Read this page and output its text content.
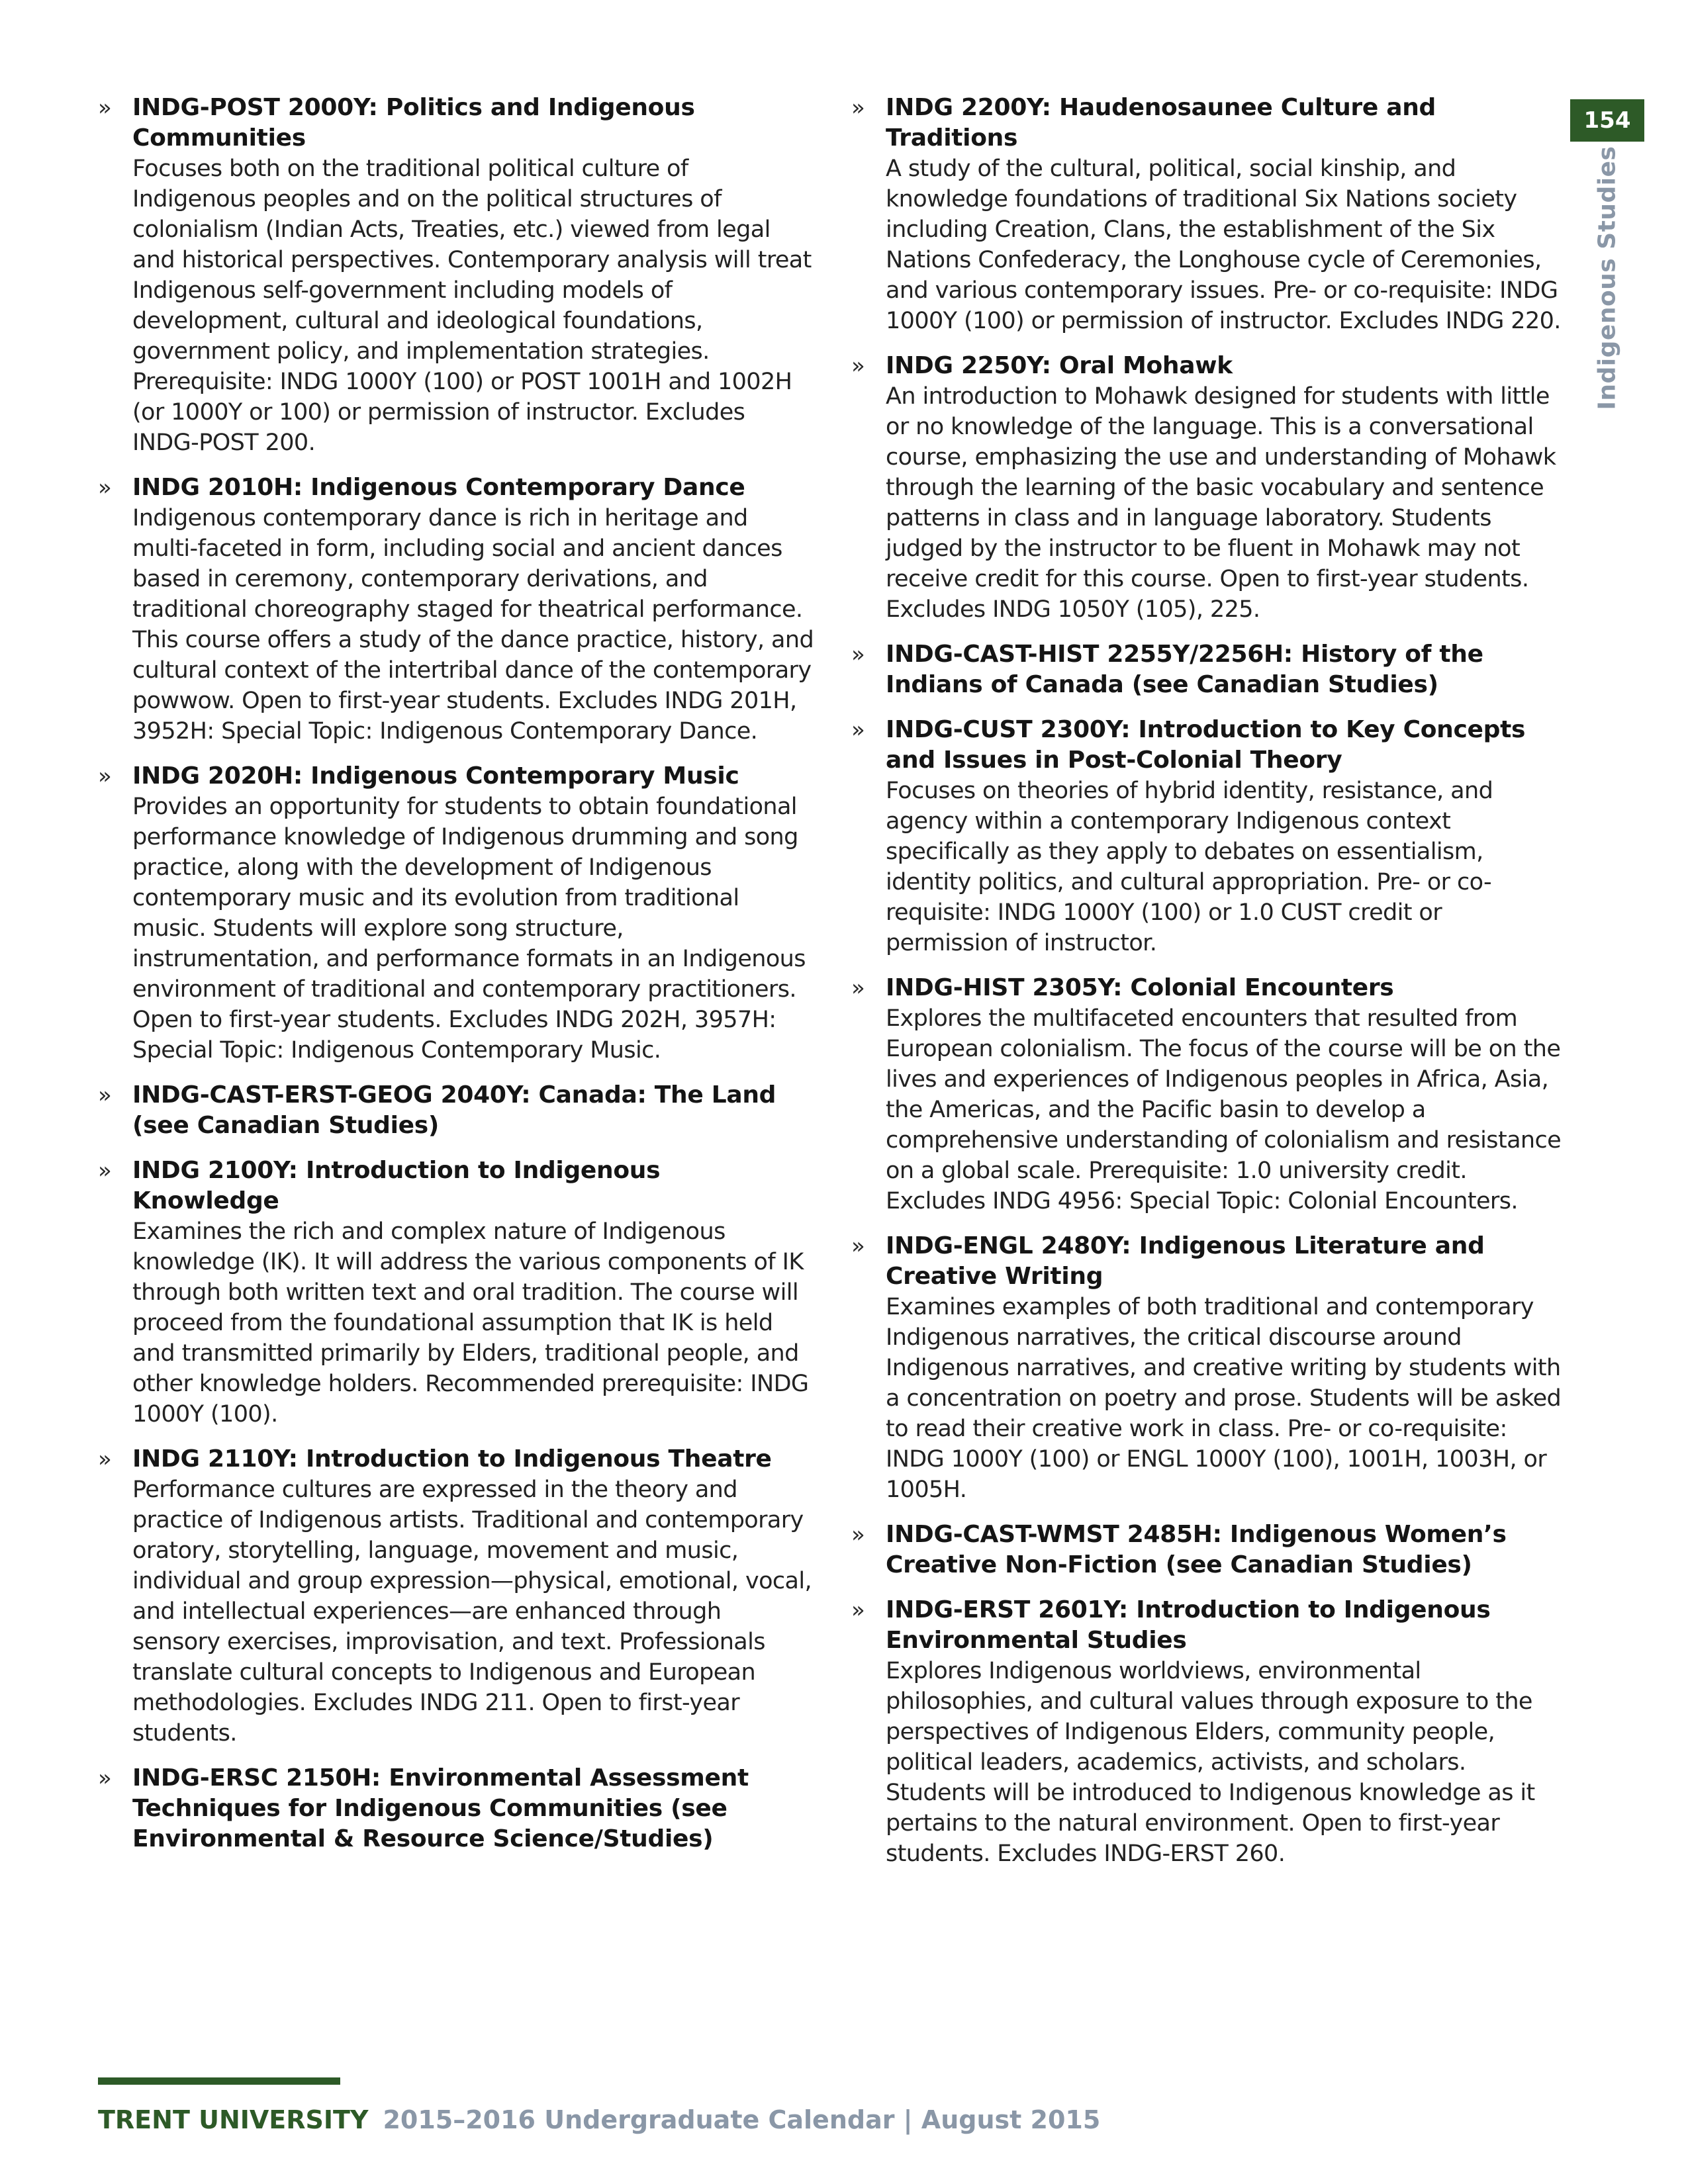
» INDG-POST 2000Y: Politics and Indigenous Communities

Focuses both on the traditional political culture of Indigenous peoples and on the political structures of colonialism (Indian Acts, Treaties, etc.) viewed from legal and historical perspectives. Contemporary analysis will treat Indigenous self-government including models of development, cultural and ideological foundations, government policy, and implementation strategies. Prerequisite: INDG 1000Y (100) or POST 1001H and 1002H (or 1000Y or 100) or permission of instructor. Excludes INDG-POST 200.

» INDG 2010H: Indigenous Contemporary Dance

Indigenous contemporary dance is rich in heritage and multi-faceted in form, including social and ancient dances based in ceremony, contemporary derivations, and traditional choreography staged for theatrical performance. This course offers a study of the dance practice, history, and cultural context of the intertribal dance of the contemporary powwow. Open to first-year students. Excludes INDG 201H, 3952H: Special Topic: Indigenous Contemporary Dance.

» INDG 2020H: Indigenous Contemporary Music

Provides an opportunity for students to obtain foundational performance knowledge of Indigenous drumming and song practice, along with the development of Indigenous contemporary music and its evolution from traditional music. Students will explore song structure, instrumentation, and performance formats in an Indigenous environment of traditional and contemporary practitioners. Open to first-year students. Excludes INDG 202H, 3957H: Special Topic: Indigenous Contemporary Music.

» INDG-CAST-ERST-GEOG 2040Y: Canada: The Land (see Canadian Studies)

» INDG 2100Y: Introduction to Indigenous Knowledge

Examines the rich and complex nature of Indigenous knowledge (IK). It will address the various components of IK through both written text and oral tradition. The course will proceed from the foundational assumption that IK is held and transmitted primarily by Elders, traditional people, and other knowledge holders. Recommended prerequisite: INDG 1000Y (100).

» INDG 2110Y: Introduction to Indigenous Theatre

Performance cultures are expressed in the theory and practice of Indigenous artists. Traditional and contemporary oratory, storytelling, language, movement and music, individual and group expression—physical, emotional, vocal, and intellectual experiences—are enhanced through sensory exercises, improvisation, and text. Professionals translate cultural concepts to Indigenous and European methodologies. Excludes INDG 211. Open to first-year students.

» INDG-ERSC 2150H: Environmental Assessment Techniques for Indigenous Communities (see Environmental & Resource Science/Studies)

» INDG 2200Y: Haudenosaunee Culture and Traditions

A study of the cultural, political, social kinship, and knowledge foundations of traditional Six Nations society including Creation, Clans, the establishment of the Six Nations Confederacy, the Longhouse cycle of Ceremonies, and various contemporary issues. Pre- or co-requisite: INDG 1000Y (100) or permission of instructor. Excludes INDG 220.

» INDG 2250Y: Oral Mohawk

An introduction to Mohawk designed for students with little or no knowledge of the language. This is a conversational course, emphasizing the use and understanding of Mohawk through the learning of the basic vocabulary and sentence patterns in class and in language laboratory. Students judged by the instructor to be fluent in Mohawk may not receive credit for this course. Open to first-year students. Excludes INDG 1050Y (105), 225.

» INDG-CAST-HIST 2255Y/2256H: History of the Indians of Canada (see Canadian Studies)

» INDG-CUST 2300Y: Introduction to Key Concepts and Issues in Post-Colonial Theory

Focuses on theories of hybrid identity, resistance, and agency within a contemporary Indigenous context specifically as they apply to debates on essentialism, identity politics, and cultural appropriation. Pre- or co-requisite: INDG 1000Y (100) or 1.0 CUST credit or permission of instructor.

» INDG-HIST 2305Y: Colonial Encounters

Explores the multifaceted encounters that resulted from European colonialism. The focus of the course will be on the lives and experiences of Indigenous peoples in Africa, Asia, the Americas, and the Pacific basin to develop a comprehensive understanding of colonialism and resistance on a global scale. Prerequisite: 1.0 university credit. Excludes INDG 4956: Special Topic: Colonial Encounters.

» INDG-ENGL 2480Y: Indigenous Literature and Creative Writing

Examines examples of both traditional and contemporary Indigenous narratives, the critical discourse around Indigenous narratives, and creative writing by students with a concentration on poetry and prose. Students will be asked to read their creative work in class. Pre- or co-requisite: INDG 1000Y (100) or ENGL 1000Y (100), 1001H, 1003H, or 1005H.

» INDG-CAST-WMST 2485H: Indigenous Women’s Creative Non-Fiction (see Canadian Studies)

» INDG-ERST 2601Y: Introduction to Indigenous Environmental Studies

Explores Indigenous worldviews, environmental philosophies, and cultural values through exposure to the perspectives of Indigenous Elders, community people, political leaders, academics, activists, and scholars. Students will be introduced to Indigenous knowledge as it pertains to the natural environment. Open to first-year students. Excludes INDG-ERST 260.

154
Indigenous Studies
TRENT UNIVERSITY 2015–2016 Undergraduate Calendar | August 2015
